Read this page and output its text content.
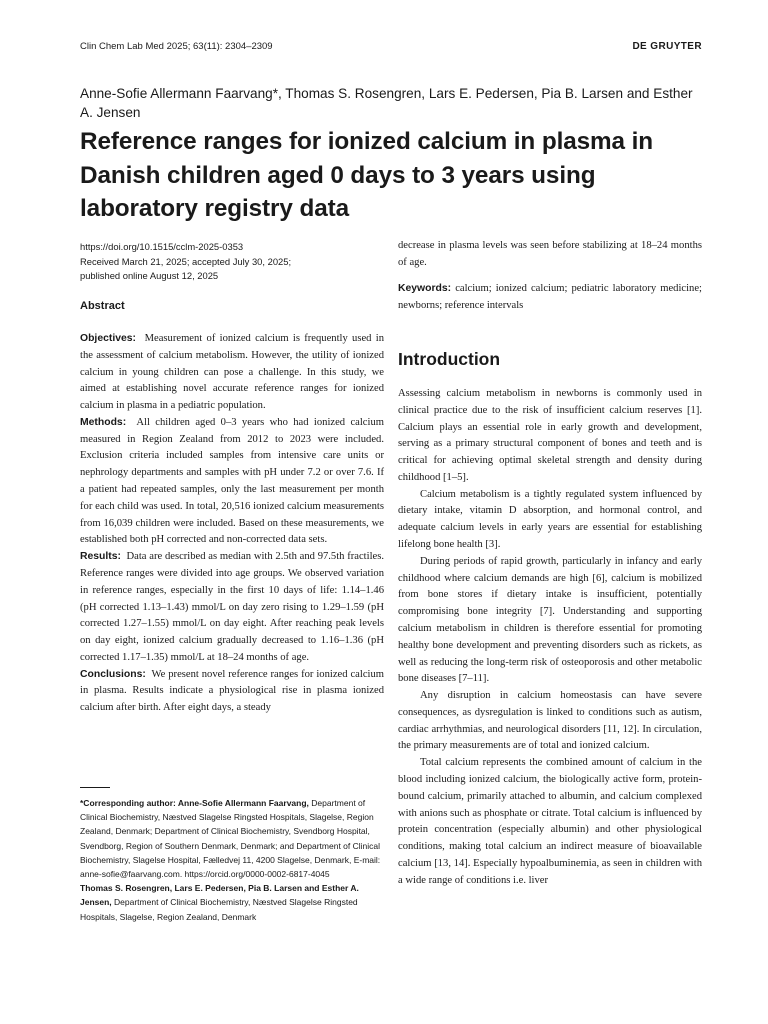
Clin Chem Lab Med 2025; 63(11): 2304–2309	DE GRUYTER
Anne-Sofie Allermann Faarvang*, Thomas S. Rosengren, Lars E. Pedersen, Pia B. Larsen and Esther A. Jensen
Reference ranges for ionized calcium in plasma in Danish children aged 0 days to 3 years using laboratory registry data
https://doi.org/10.1515/cclm-2025-0353
Received March 21, 2025; accepted July 30, 2025;
published online August 12, 2025
Abstract

Objectives: Measurement of ionized calcium is frequently used in the assessment of calcium metabolism. However, the utility of ionized calcium in young children can pose a challenge. In this study, we aimed at establishing novel accurate reference ranges for ionized calcium in plasma in a pediatric population.

Methods: All children aged 0–3 years who had ionized calcium measured in Region Zealand from 2012 to 2023 were included. Exclusion criteria included samples from intensive care units or nephrology departments and samples with pH under 7.2 or over 7.6. If a patient had repeated samples, only the last measurement per month for each child was used. In total, 20,516 ionized calcium measurements from 16,039 children were included. Based on these measurements, we established both pH corrected and non-corrected data sets.

Results: Data are described as median with 2.5th and 97.5th fractiles. Reference ranges were divided into age groups. We observed variation in reference ranges, especially in the first 10 days of life: 1.14–1.46 (pH corrected 1.13–1.43) mmol/L on day zero rising to 1.29–1.59 (pH corrected 1.27–1.55) mmol/L on day eight. After reaching peak levels on day eight, ionized calcium gradually decreased to 1.16–1.36 (pH corrected 1.17–1.35) mmol/L at 18–24 months of age.

Conclusions: We present novel reference ranges for ionized calcium in plasma. Results indicate a physiological rise in plasma ionized calcium after birth. After eight days, a steady

*Corresponding author: Anne-Sofie Allermann Faarvang, Department of Clinical Biochemistry, Næstved Slagelse Ringsted Hospitals, Slagelse, Region Zealand, Denmark; Department of Clinical Biochemistry, Svendborg Hospital, Svendborg, Region of Southern Denmark, Denmark; and Department of Clinical Biochemistry, Slagelse Hospital, Fælledvej 11, 4200 Slagelse, Denmark, E-mail: anne-sofie@faarvang.com. https://orcid.org/0000-0002-6817-4045

Thomas S. Rosengren, Lars E. Pedersen, Pia B. Larsen and Esther A. Jensen, Department of Clinical Biochemistry, Næstved Slagelse Ringsted Hospitals, Slagelse, Region Zealand, Denmark

decrease in plasma levels was seen before stabilizing at 18–24 months of age.

Keywords: calcium; ionized calcium; pediatric laboratory medicine; newborns; reference intervals

Introduction

Assessing calcium metabolism in newborns is commonly used in clinical practice due to the risk of insufficient calcium reserves [1]. Calcium plays an essential role in early growth and development, serving as a primary structural component of bones and teeth and is critical for achieving optimal skeletal strength and density during childhood [1–5].

Calcium metabolism is a tightly regulated system influenced by dietary intake, vitamin D absorption, and hormonal control, and adequate calcium levels in early years are essential for establishing lifelong bone health [3].

During periods of rapid growth, particularly in infancy and early childhood where calcium demands are high [6], calcium is mobilized from bone stores if dietary intake is insufficient, potentially compromising bone integrity [7]. Understanding and supporting calcium metabolism in children is therefore essential for promoting healthy bone development and preventing disorders such as rickets, as well as reducing the long-term risk of osteoporosis and other metabolic bone diseases [7–11].

Any disruption in calcium homeostasis can have severe consequences, as dysregulation is linked to conditions such as autism, cardiac arrhythmias, and neurological disorders [11, 12]. In circulation, the primary measurements are of total and ionized calcium.

Total calcium represents the combined amount of calcium in the blood including ionized calcium, the biologically active form, protein-bound calcium, primarily attached to albumin, and calcium complexed with anions such as phosphate or citrate. Total calcium is influenced by protein concentration (especially albumin) and other physiological conditions, making total calcium an indirect measure of bioavailable calcium [13, 14]. Especially hypoalbuminemia, as seen in children with a wide range of conditions i.e. liver
